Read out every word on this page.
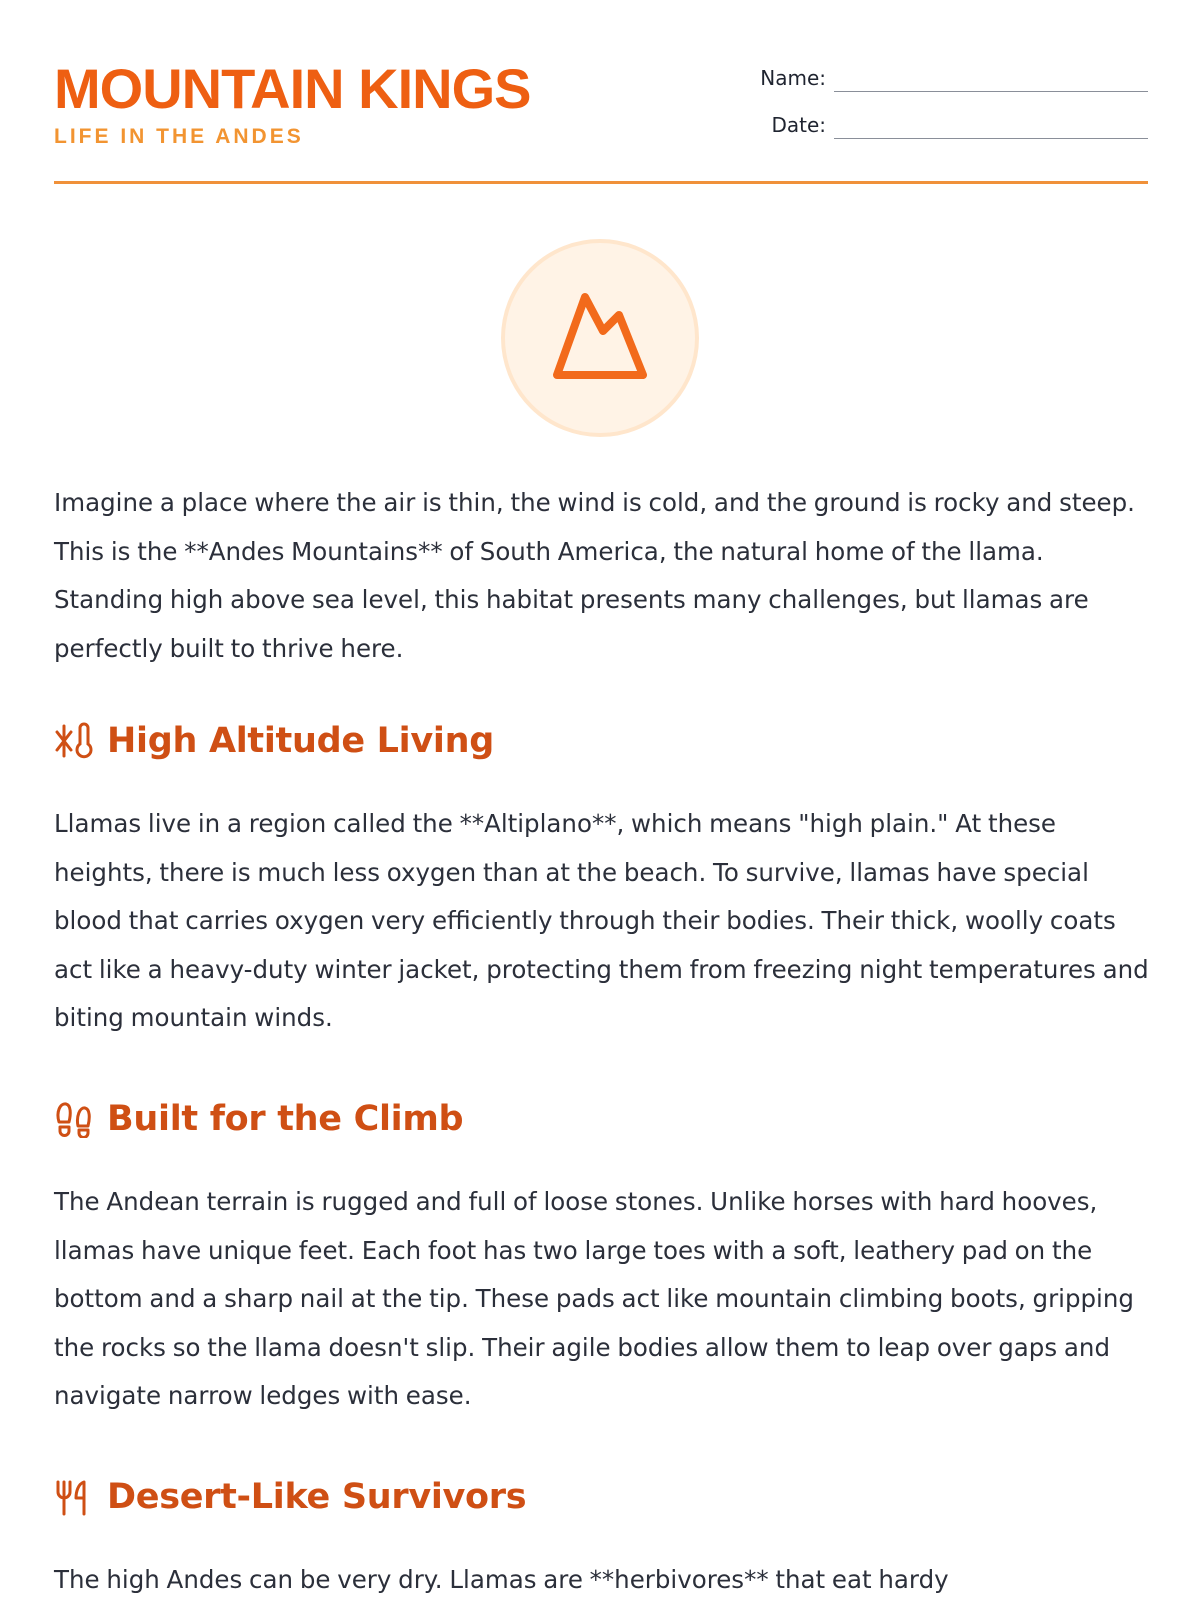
MOUNTAIN KINGS
LIFE IN THE ANDES
Name:
Date:

Imagine a place where the air is thin, the wind is cold, and the ground is rocky and steep. This is the **Andes Mountains** of South America, the natural home of the llama. Standing high above sea level, this habitat presents many challenges, but llamas are perfectly built to thrive here.

High Altitude Living

Llamas live in a region called the **Altiplano**, which means "high plain." At these heights, there is much less oxygen than at the beach. To survive, llamas have special blood that carries oxygen very efficiently through their bodies. Their thick, woolly coats act like a heavy-duty winter jacket, protecting them from freezing night temperatures and biting mountain winds.

Built for the Climb

The Andean terrain is rugged and full of loose stones. Unlike horses with hard hooves, llamas have unique feet. Each foot has two large toes with a soft, leathery pad on the bottom and a sharp nail at the tip. These pads act like mountain climbing boots, gripping the rocks so the llama doesn't slip. Their agile bodies allow them to leap over gaps and navigate narrow ledges with ease.

Desert-Like Survivors

The high Andes can be very dry. Llamas are **herbivores** that eat hardy
